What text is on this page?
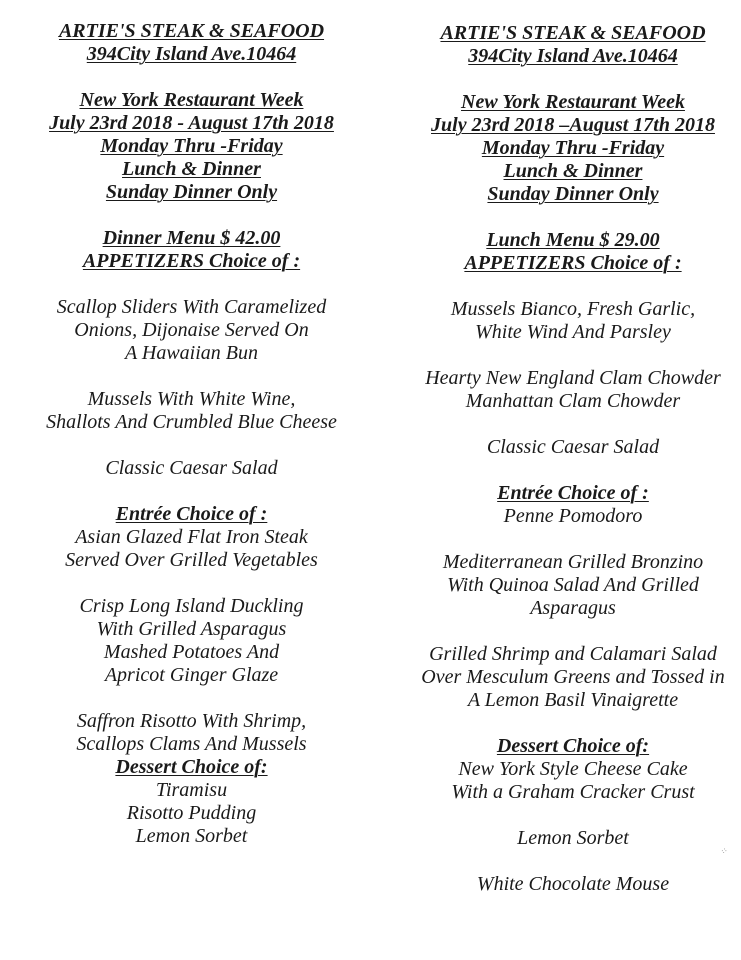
ARTIE'S STEAK & SEAFOOD
394City Island Ave.10464
New York Restaurant Week
July 23rd 2018 - August 17th 2018
Monday Thru -Friday
Lunch & Dinner
Sunday Dinner Only
Dinner Menu $ 42.00
APPETIZERS Choice of :
Scallop Sliders With Caramelized
Onions, Dijonaise Served On
A Hawaiian Bun
Mussels With White Wine,
Shallots And Crumbled Blue Cheese
Classic Caesar Salad
Entrée Choice of :
Asian Glazed Flat Iron Steak
Served Over Grilled Vegetables
Crisp Long Island Duckling
With Grilled Asparagus
Mashed Potatoes And
Apricot Ginger Glaze
Saffron Risotto With Shrimp,
Scallops Clams And Mussels
Dessert Choice of:
Tiramisu
Risotto Pudding
Lemon Sorbet
ARTIE'S STEAK & SEAFOOD
394City Island Ave.10464
New York Restaurant Week
July 23rd 2018 –August 17th 2018
Monday Thru -Friday
Lunch & Dinner
Sunday Dinner Only
Lunch Menu $ 29.00
APPETIZERS Choice of :
Mussels Bianco, Fresh Garlic,
White Wind And Parsley
Hearty New England Clam Chowder
Manhattan Clam Chowder
Classic Caesar Salad
Entrée Choice of :
Penne Pomodoro
Mediterranean Grilled Bronzino
With Quinoa Salad And Grilled
Asparagus
Grilled Shrimp and Calamari Salad
Over Mesculum Greens and Tossed in
A Lemon Basil Vinaigrette
Dessert Choice of:
New York Style Cheese Cake
With a Graham Cracker Crust
Lemon Sorbet
White Chocolate Mouse
⁘
